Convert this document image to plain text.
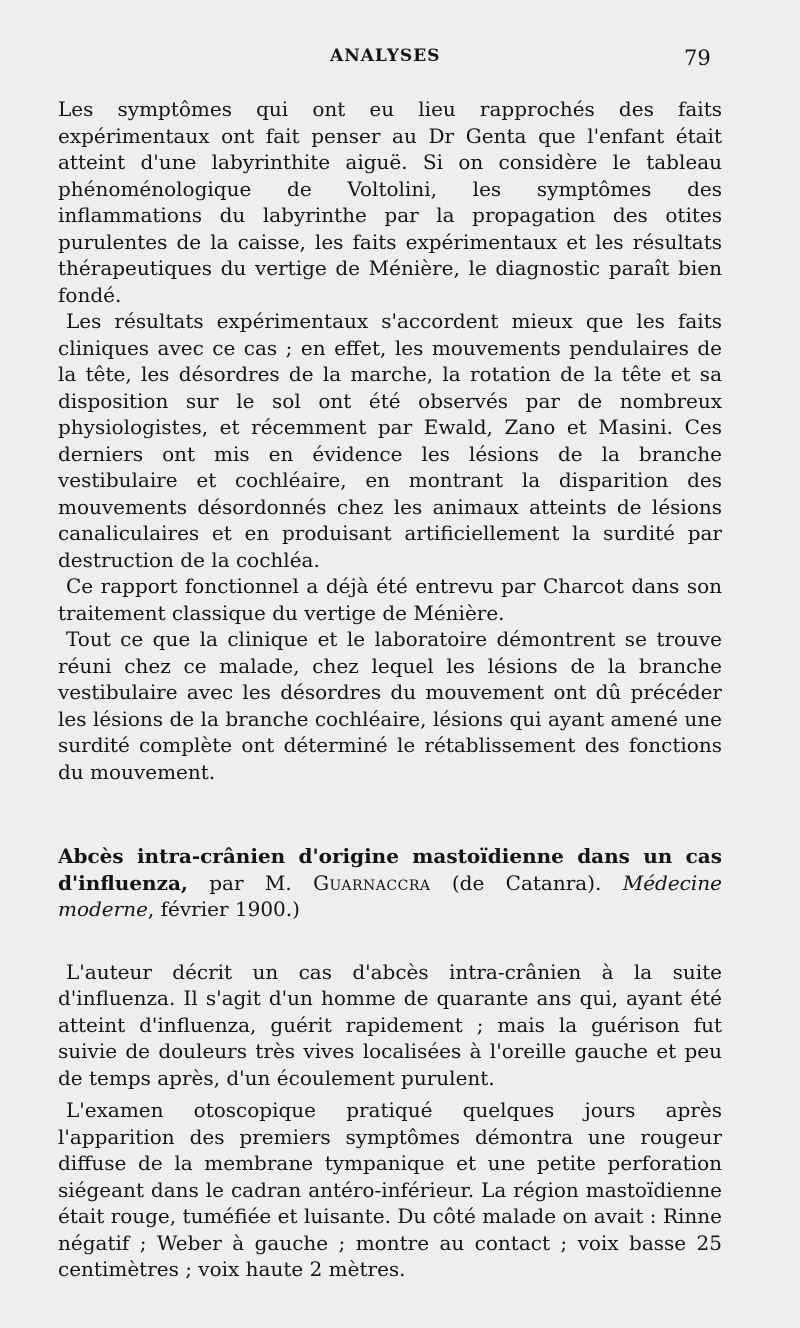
ANALYSES	79

Les symptômes qui ont eu lieu rapprochés des faits expérimentaux ont fait penser au Dr Genta que l'enfant était atteint d'une labyrinthite aiguë. Si on considère le tableau phénoménologique de Voltolini, les symptômes des inflammations du labyrinthe par la propagation des otites purulentes de la caisse, les faits expérimentaux et les résultats thérapeutiques du vertige de Ménière, le diagnostic paraît bien fondé.

Les résultats expérimentaux s'accordent mieux que les faits cliniques avec ce cas ; en effet, les mouvements pendulaires de la tête, les désordres de la marche, la rotation de la tête et sa disposition sur le sol ont été observés par de nombreux physiologistes, et récemment par Ewald, Zano et Masini. Ces derniers ont mis en évidence les lésions de la branche vestibulaire et cochléaire, en montrant la disparition des mouvements désordonnés chez les animaux atteints de lésions canaliculaires et en produisant artificiellement la surdité par destruction de la cochléa.

Ce rapport fonctionnel a déjà été entrevu par Charcot dans son traitement classique du vertige de Ménière.

Tout ce que la clinique et le laboratoire démontrent se trouve réuni chez ce malade, chez lequel les lésions de la branche vestibulaire avec les désordres du mouvement ont dû précéder les lésions de la branche cochléaire, lésions qui ayant amené une surdité complète ont déterminé le rétablissement des fonctions du mouvement.

Abcès intra-crânien d'origine mastoïdienne dans un cas d'influenza, par M. Guarnaccra (de Catanra). Médecine moderne, février 1900.)

L'auteur décrit un cas d'abcès intra-crânien à la suite d'influenza. Il s'agit d'un homme de quarante ans qui, ayant été atteint d'influenza, guérit rapidement ; mais la guérison fut suivie de douleurs très vives localisées à l'oreille gauche et peu de temps après, d'un écoulement purulent.

L'examen otoscopique pratiqué quelques jours après l'apparition des premiers symptômes démontra une rougeur diffuse de la membrane tympanique et une petite perforation siégeant dans le cadran antéro-inférieur. La région mastoïdienne était rouge, tuméfiée et luisante. Du côté malade on avait : Rinne négatif ; Weber à gauche ; montre au contact ; voix basse 25 centimètres ; voix haute 2 mètres.
